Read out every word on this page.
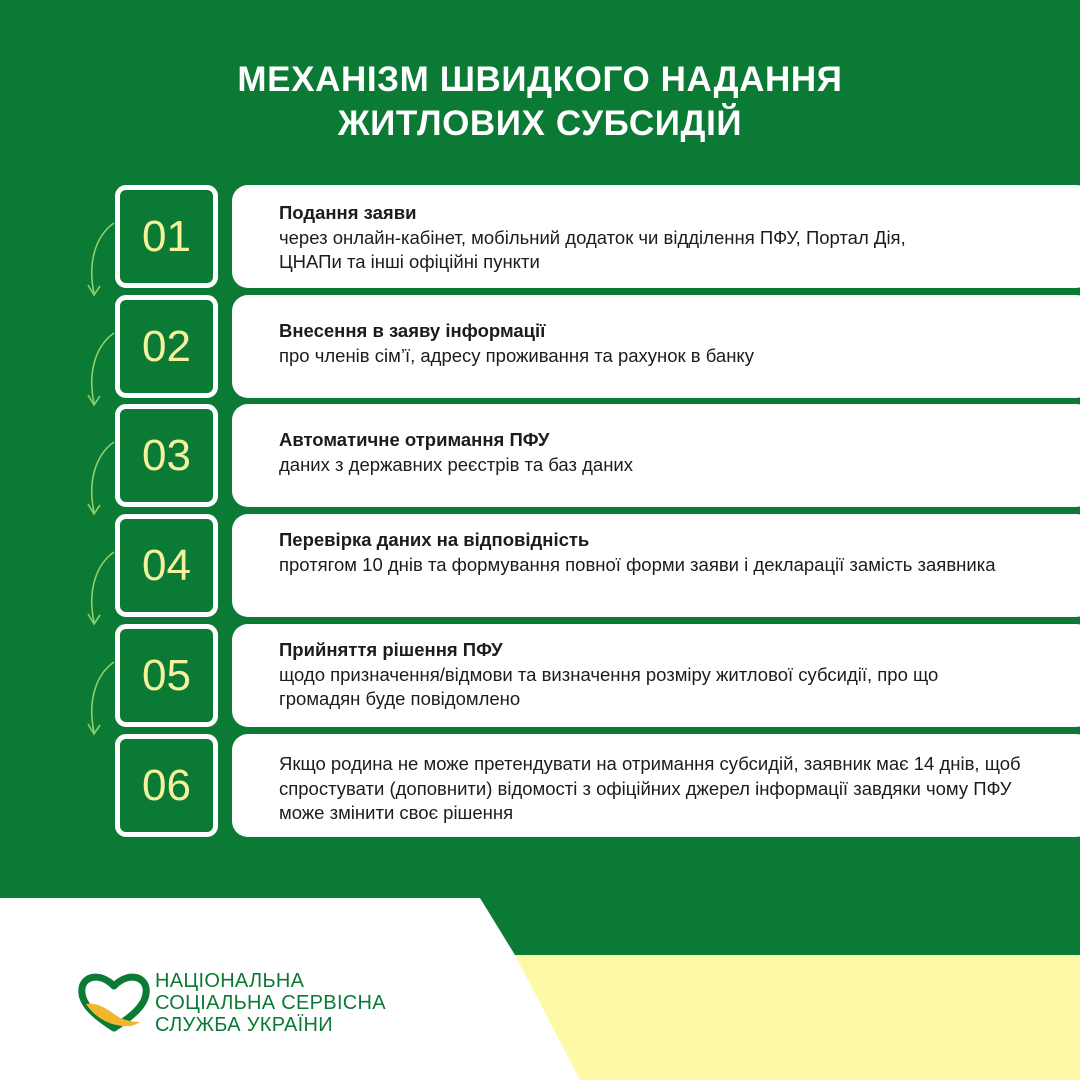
МЕХАНІЗМ ШВИДКОГО НАДАННЯ
ЖИТЛОВИХ СУБСИДІЙ
01	Подання заяви
через онлайн-кабінет, мобільний додаток чи відділення ПФУ, Портал Дія, ЦНАПи та інші офіційні пункти
02	Внесення в заяву інформації
про членів сім’ї, адресу проживання та рахунок в банку
03	Автоматичне отримання ПФУ
даних з державних реєстрів та баз даних
04
Перевірка даних на відповідність
протягом 10 днів та формування повної форми заяви і декларації замість заявника
05
Прийняття рішення ПФУ
щодо призначення/відмови та визначення розміру житлової субсидії, про що громадян буде повідомлено
06	Якщо родина не може претендувати на отримання субсидій, заявник має 14 днів, щоб спростувати (доповнити) відомості з офіційних джерел інформації завдяки чому ПФУ може змінити своє рішення
НАЦІОНАЛЬНА
СОЦІАЛЬНА СЕРВІСНА
СЛУЖБА УКРАЇНИ
